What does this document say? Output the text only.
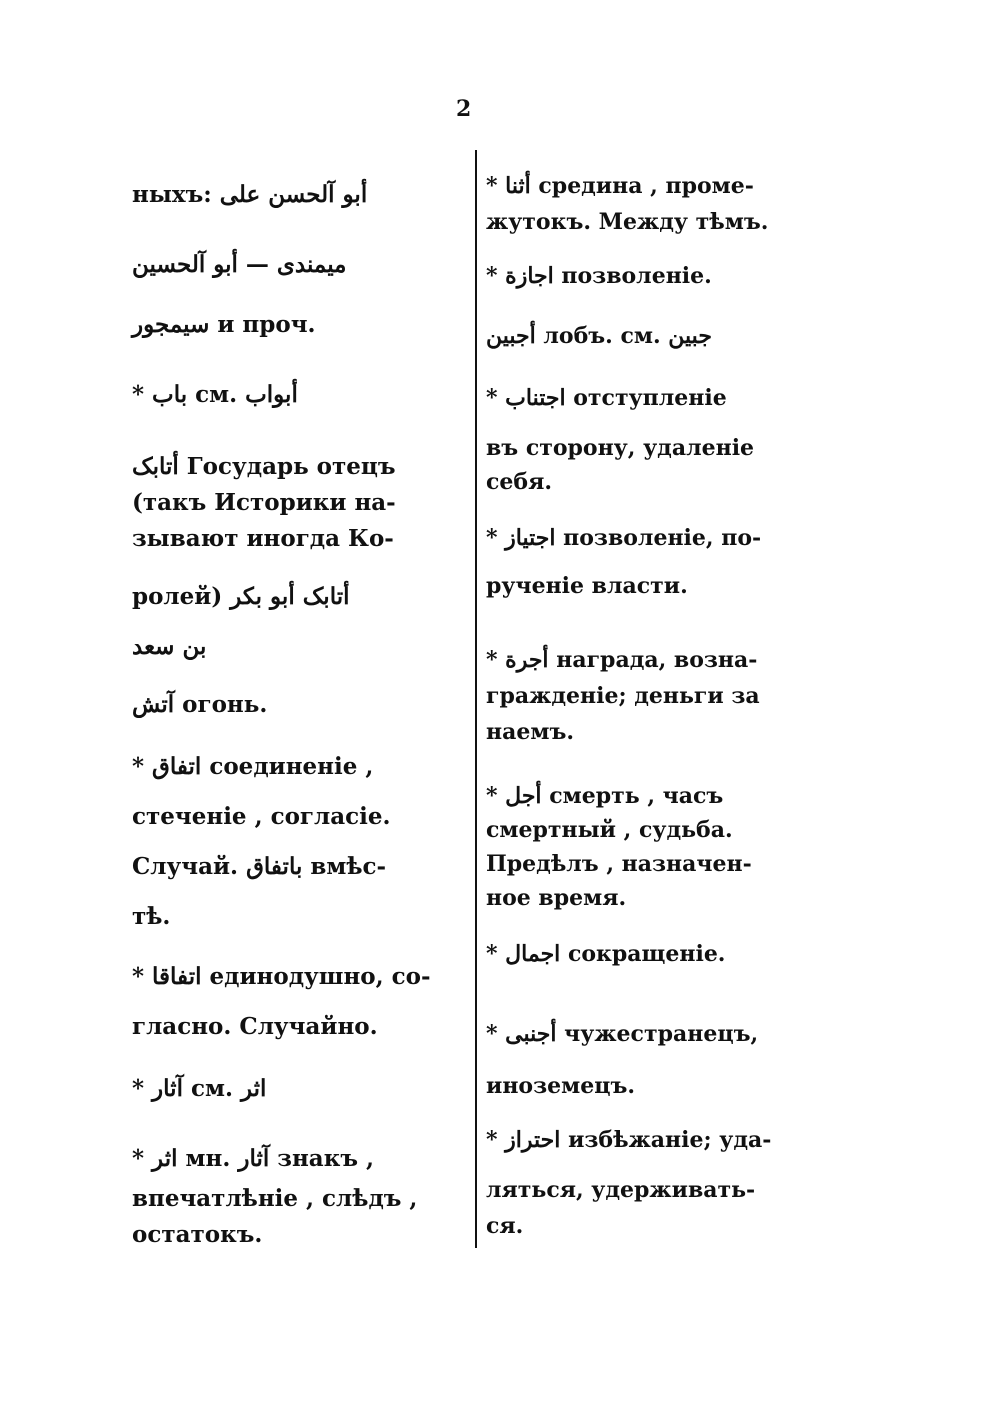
2
ныхъ: أبو آلحسن علی
میمندی — أبو آلحسین
سیمجور и проч.
* باب см. أبواب
أتابک Государь отецъ
(такъ Историки на-
зывают иногда Ко-
ролей) أتابک أبو بکر
بن سعد
آتش огонь.
* اتفاق соединеніе ,
стеченіе , согласіе.
Случай. باتفاق вмѣс-
тѣ.
* اتفاقا единодушно, со-
гласно. Случайно.
* آثار см. اثر
* اثر мн. آثار знакъ ,
впечатлѣніе , слѣдъ ,
остатокъ.
* أثنا средина , проме-
жутокъ. Между тѣмъ.
* اجازة позволеніе.
أجبين лобъ. см. جبين
* اجتناب отступленіе
въ сторону, удаленіе
себя.
* اجتياز позволеніе, по-
рученіе власти.
* أجرة награда, возна-
гражденіе; деньги за
наемъ.
* أجل смерть , часъ
смертный , судьба.
Предѣлъ , назначен-
ное время.
* اجمال сокращеніе.
* أجنبى чужестранецъ,
иноземецъ.
* احتراز избѣжаніе; уда-
ляться, удерживать-
ся.
